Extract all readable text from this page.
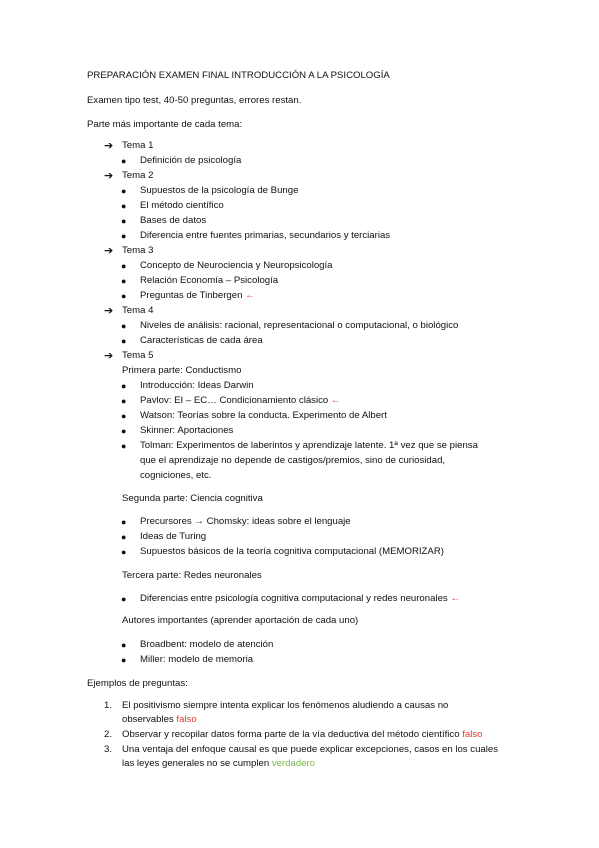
PREPARACIÓN EXAMEN FINAL INTRODUCCIÓN A LA PSICOLOGÍA
Examen tipo test, 40-50 preguntas, errores restan.
Parte más importante de cada tema:
➔ Tema 1
● Definición de psicología
➔ Tema 2
● Supuestos de la psicología de Bunge
● El método científico
● Bases de datos
● Diferencia entre fuentes primarias, secundarios y terciarias
➔ Tema 3
● Concepto de Neurociencia y Neuropsicología
● Relación Economía – Psicología
● Preguntas de Tinbergen ←
➔ Tema 4
● Niveles de análisis: racional, representacional o computacional, o biológico
● Características de cada área
➔ Tema 5
Primera parte: Conductismo
● Introducción: Ideas Darwin
● Pavlov: EI – EC… Condicionamiento clásico ←
● Watson: Teorías sobre la conducta. Experimento de Albert
● Skinner: Aportaciones
● Tolman: Experimentos de laberintos y aprendizaje latente. 1ª vez que se piensa
que el aprendizaje no depende de castigos/premios, sino de curiosidad,
cogniciones, etc.
Segunda parte: Ciencia cognitiva
● Precursores → Chomsky: ideas sobre el lenguaje
● Ideas de Turing
● Supuestos básicos de la teoría cognitiva computacional (MEMORIZAR)
Tercera parte: Redes neuronales
● Diferencias entre psicología cognitiva computacional y redes neuronales ←
Autores importantes (aprender aportación de cada uno)
● Broadbent: modelo de atención
● Miller: modelo de memoria
Ejemplos de preguntas:
1. El positivismo siempre intenta explicar los fenómenos aludiendo a causas no
observables falso
2. Observar y recopilar datos forma parte de la vía deductiva del método científico falso
3. Una ventaja del enfoque causal es que puede explicar excepciones, casos en los cuales
las leyes generales no se cumplen verdadero
